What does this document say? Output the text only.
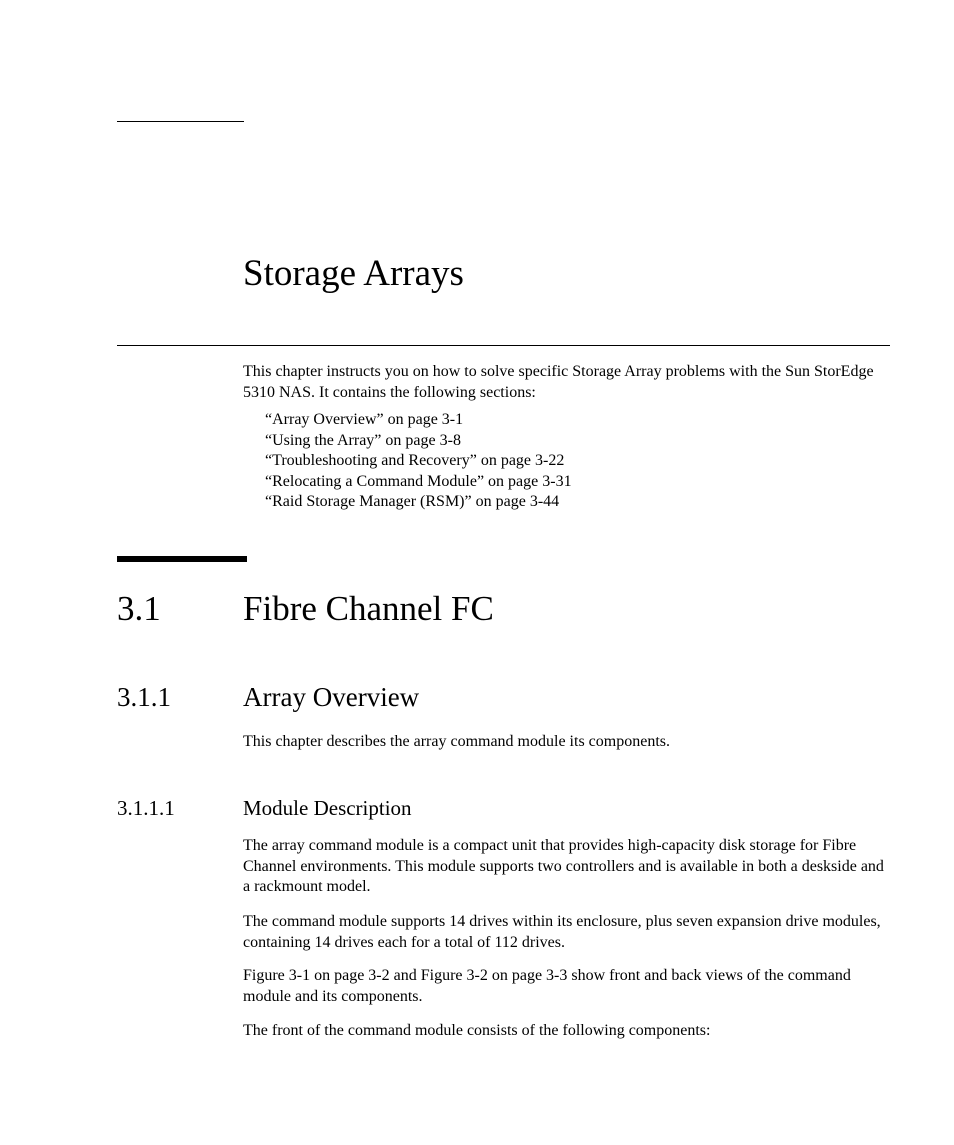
Storage Arrays

This chapter instructs you on how to solve specific Storage Array problems with the Sun StorEdge 5310 NAS. It contains the following sections:

“Array Overview” on page 3-1
“Using the Array” on page 3-8
“Troubleshooting and Recovery” on page 3-22
“Relocating a Command Module” on page 3-31
“Raid Storage Manager (RSM)” on page 3-44
3.1 Fibre Channel FC
3.1.1	Array Overview

This chapter describes the array command module its components.

3.1.1.1	Module Description

The array command module is a compact unit that provides high-capacity disk storage for Fibre Channel environments. This module supports two controllers and is available in both a deskside and a rackmount model.

The command module supports 14 drives within its enclosure, plus seven expansion drive modules, containing 14 drives each for a total of 112 drives.

Figure 3-1 on page 3-2 and Figure 3-2 on page 3-3 show front and back views of the command module and its components.

The front of the command module consists of the following components:
